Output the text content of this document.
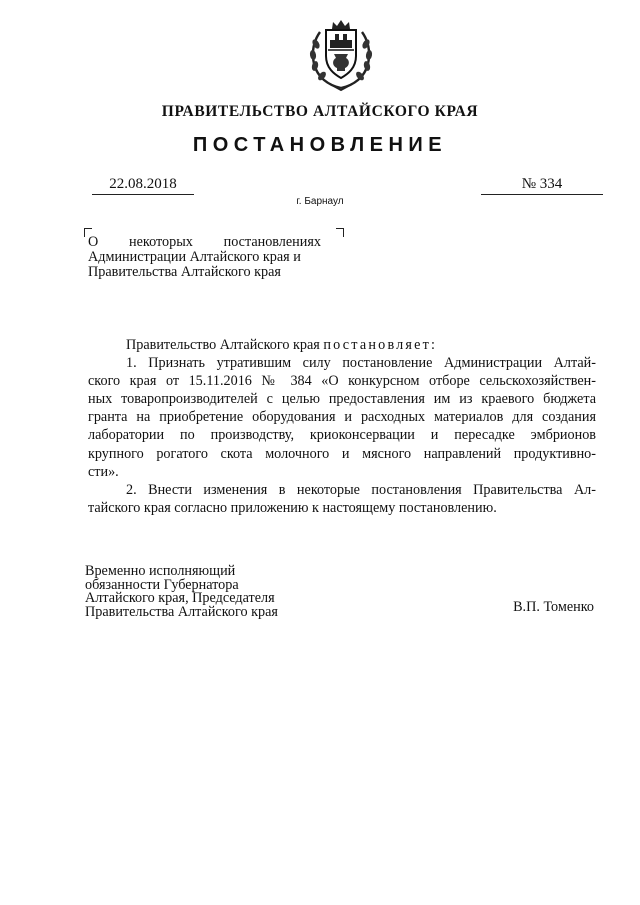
ПРАВИТЕЛЬСТВО АЛТАЙСКОГО КРАЯ
ПОСТАНОВЛЕНИЕ
22.08.2018	№ 334
г. Барнаул
О некоторых постановлениях
Администрации Алтайского края и
Правительства Алтайского края

Правительство Алтайского края постановляет:

1. Признать утратившим силу постановление Администрации Алтай-
ского края от 15.11.2016 № 384 «О конкурсном отборе сельскохозяйствен-
ных товаропроизводителей с целью предоставления им из краевого бюджета
гранта на приобретение оборудования и расходных материалов для создания
лаборатории по производству, криоконсервации и пересадке эмбрионов
крупного рогатого скота молочного и мясного направлений продуктивно-
сти».
2. Внести изменения в некоторые постановления Правительства Ал-
тайского края согласно приложению к настоящему постановлению.
Временно исполняющий
обязанности Губернатора
Алтайского края, Председателя
Правительства Алтайского края	В.П. Томенко
